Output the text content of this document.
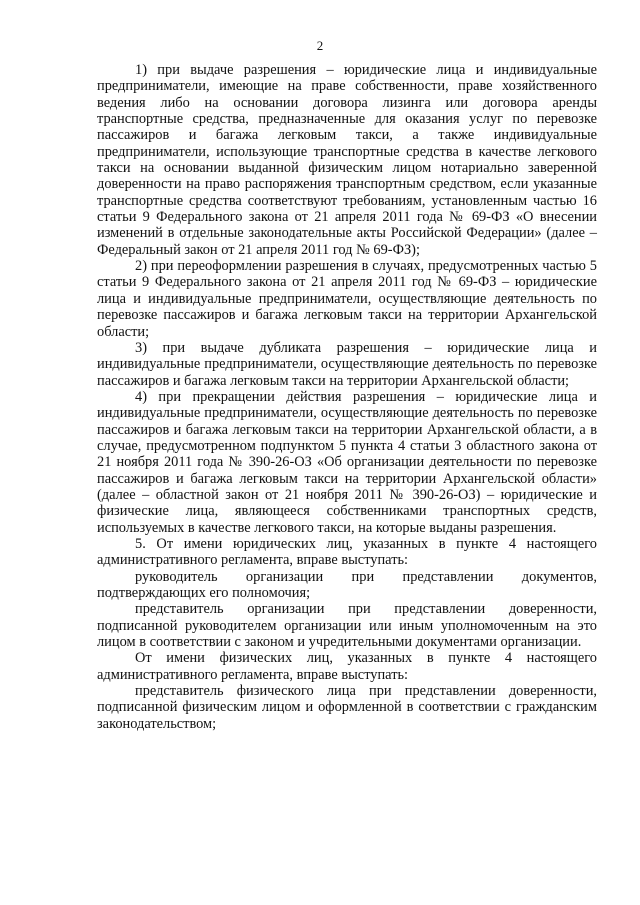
2

1) при выдаче разрешения – юридические лица и индивидуальные предприниматели, имеющие на праве собственности, праве хозяйственного ведения либо на основании договора лизинга или договора аренды транспортные средства, предназначенные для оказания услуг по перевозке пассажиров и багажа легковым такси, а также индивидуальные предприниматели, использующие транспортные средства в качестве легкового такси на основании выданной физическим лицом нотариально заверенной доверенности на право распоряжения транспортным средством, если указанные транспортные средства соответствуют требованиям, установленным частью 16 статьи 9 Федерального закона от 21 апреля 2011 года № 69-ФЗ «О внесении изменений в отдельные законодательные акты Российской Федерации» (далее – Федеральный закон от 21 апреля 2011 год № 69-ФЗ);

2) при переоформлении разрешения в случаях, предусмотренных частью 5 статьи 9 Федерального закона от 21 апреля 2011 год № 69-ФЗ – юридические лица и индивидуальные предприниматели, осуществляющие деятельность по перевозке пассажиров и багажа легковым такси на территории Архангельской области;

3) при выдаче дубликата разрешения – юридические лица и индивидуальные предприниматели, осуществляющие деятельность по перевозке пассажиров и багажа легковым такси на территории Архангельской области;

4) при прекращении действия разрешения – юридические лица и индивидуальные предприниматели, осуществляющие деятельность по перевозке пассажиров и багажа легковым такси на территории Архангельской области, а в случае, предусмотренном подпунктом 5 пункта 4 статьи 3 областного закона от 21 ноября 2011 года № 390-26-ОЗ «Об организации деятельности по перевозке пассажиров и багажа легковым такси на территории Архангельской области» (далее – областной закон от 21 ноября 2011 № 390-26-ОЗ) – юридические и физические лица, являющееся собственниками транспортных средств, используемых в качестве легкового такси, на которые выданы разрешения.

5. От имени юридических лиц, указанных в пункте 4 настоящего административного регламента, вправе выступать:

руководитель организации при представлении документов, подтверждающих его полномочия;

представитель организации при представлении доверенности, подписанной руководителем организации или иным уполномоченным на это лицом в соответствии с законом и учредительными документами организации.

От имени физических лиц, указанных в пункте 4 настоящего административного регламента, вправе выступать:

представитель физического лица при представлении доверенности, подписанной физическим лицом и оформленной в соответствии с гражданским законодательством;
